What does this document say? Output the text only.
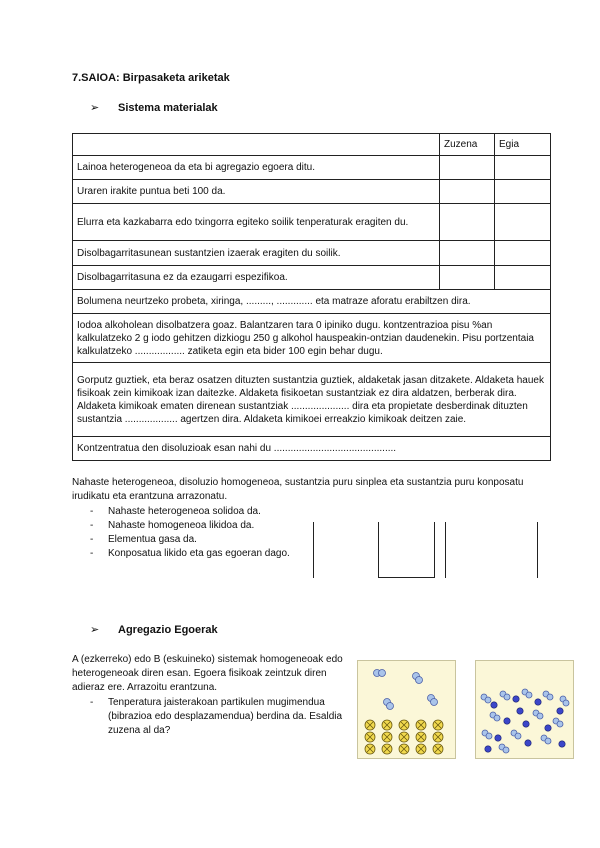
7.SAIOA: Birpasaketa ariketak
➢	Sistema materialak
	Zuzena	Egia
Lainoa heterogeneoa da eta bi agregazio egoera ditu.		
Uraren irakite puntua beti 100 da.		
Elurra eta kazkabarra edo txingorra egiteko soilik tenperaturak eragiten du.		
Disolbagarritasunean sustantzien izaerak eragiten du soilik.		
Disolbagarritasuna ez da ezaugarri espezifikoa.		
Bolumena neurtzeko probeta, xiringa, ........., ............. eta matraze aforatu erabiltzen dira.		
Iodoa alkoholean disolbatzera goaz. Balantzaren tara 0 ipiniko dugu. kontzentrazioa pisu %an kalkulatzeko 2 g iodo gehitzen dizkiogu 250 g alkohol hauspeakin-ontzian daudenekin. Pisu portzentaia kalkulatzeko .................. zatiketa egin eta bider 100 egin behar dugu.		
Gorputz guztiek, eta beraz osatzen dituzten sustantzia guztiek, aldaketak jasan ditzakete. Aldaketa hauek fisikoak zein kimikoak izan daitezke. Aldaketa fisikoetan sustantziak ez dira aldatzen, berberak dira. Aldaketa kimikoak ematen direnean sustantziak ..................... dira eta propietate desberdinak dituzten sustantzia ................... agertzen dira. Aldaketa kimikoei erreakzio kimikoak deitzen zaie.		
Kontzentratua den disoluzioak esan nahi du ............................................		
Nahaste heterogeneoa, disoluzio homogeneoa, sustantzia puru sinplea eta sustantzia puru konposatu irudikatu eta erantzuna arrazonatu.
- Nahaste heterogeneoa solidoa da.
- Nahaste homogeneoa likidoa da.
- Elementua gasa da.
- Konposatua likido eta gas egoeran dago.
➢	Agregazio Egoerak
A (ezkerreko) edo B (eskuineko) sistemak homogeneoak edo heterogeneoak diren esan. Egoera fisikoak zeintzuk diren adieraz ere. Arrazoitu erantzuna.
- Tenperatura jaisterakoan partikulen mugimendua (bibrazioa edo desplazamendua) berdina da. Esaldia zuzena al da?
